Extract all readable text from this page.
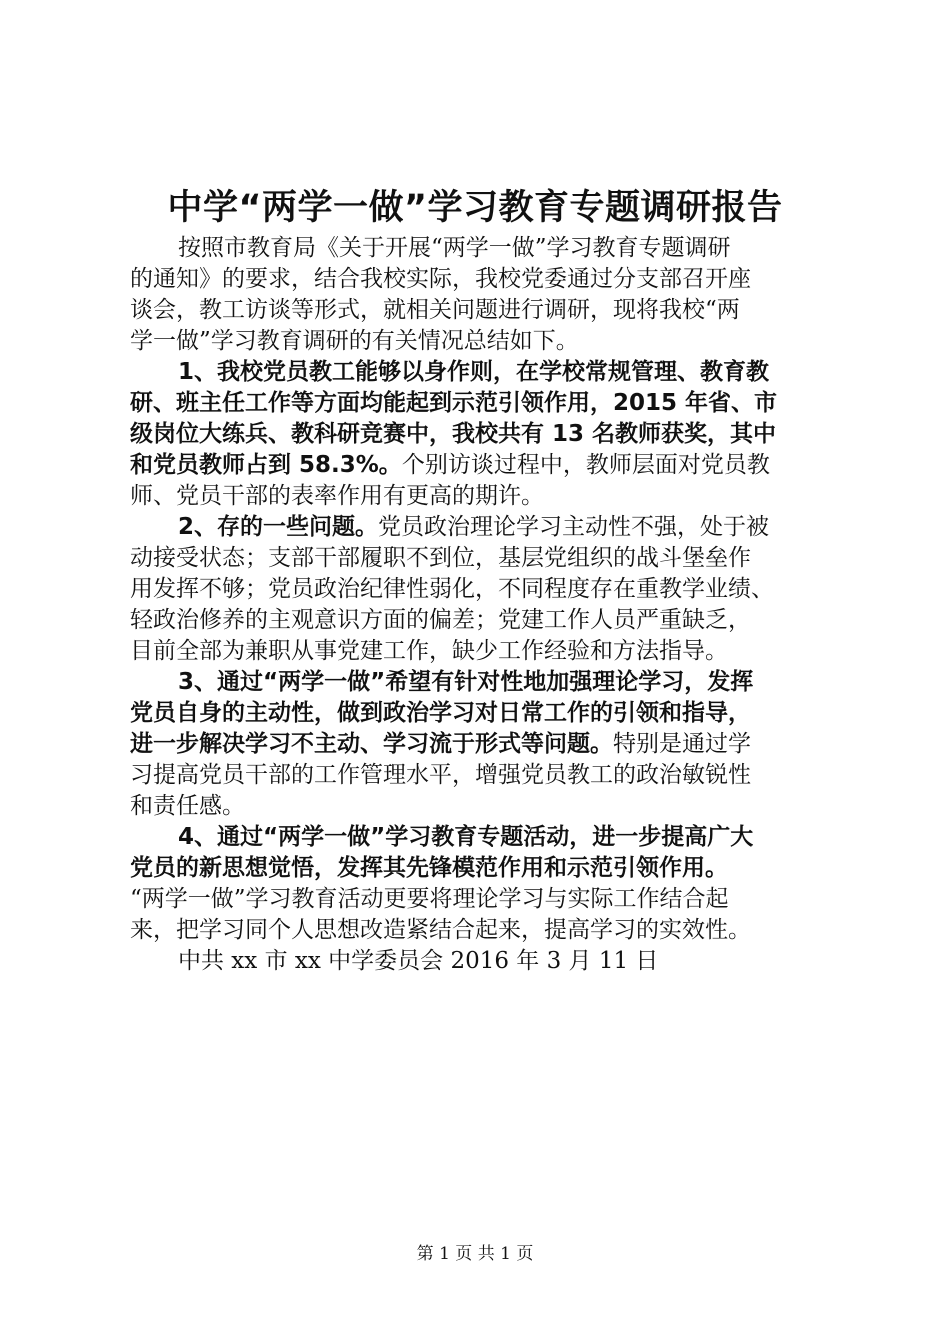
中学“两学一做”学习教育专题调研报告
按照市教育局《关于开展“两学一做”学习教育专题调研
的通知》的要求，结合我校实际，我校党委通过分支部召开座
谈会，教工访谈等形式，就相关问题进行调研，现将我校“两
学一做”学习教育调研的有关情况总结如下。
1、我校党员教工能够以身作则，在学校常规管理、教育教
研、班主任工作等方面均能起到示范引领作用，2015 年省、市
级岗位大练兵、教科研竞赛中，我校共有 13 名教师获奖，其中
和党员教师占到 58.3%。个别访谈过程中，教师层面对党员教
师、党员干部的表率作用有更高的期许。
2、存的一些问题。党员政治理论学习主动性不强，处于被
动接受状态；支部干部履职不到位，基层党组织的战斗堡垒作
用发挥不够；党员政治纪律性弱化，不同程度存在重教学业绩、
轻政治修养的主观意识方面的偏差；党建工作人员严重缺乏，
目前全部为兼职从事党建工作，缺少工作经验和方法指导。
3、通过“两学一做”希望有针对性地加强理论学习，发挥
党员自身的主动性，做到政治学习对日常工作的引领和指导，
进一步解决学习不主动、学习流于形式等问题。特别是通过学
习提高党员干部的工作管理水平，增强党员教工的政治敏锐性
和责任感。
4、通过“两学一做”学习教育专题活动，进一步提高广大
党员的新思想觉悟，发挥其先锋模范作用和示范引领作用。
“两学一做”学习教育活动更要将理论学习与实际工作结合起
来，把学习同个人思想改造紧结合起来，提高学习的实效性。
中共 xx 市 xx 中学委员会 2016 年 3 月 11 日
第 1 页 共 1 页
